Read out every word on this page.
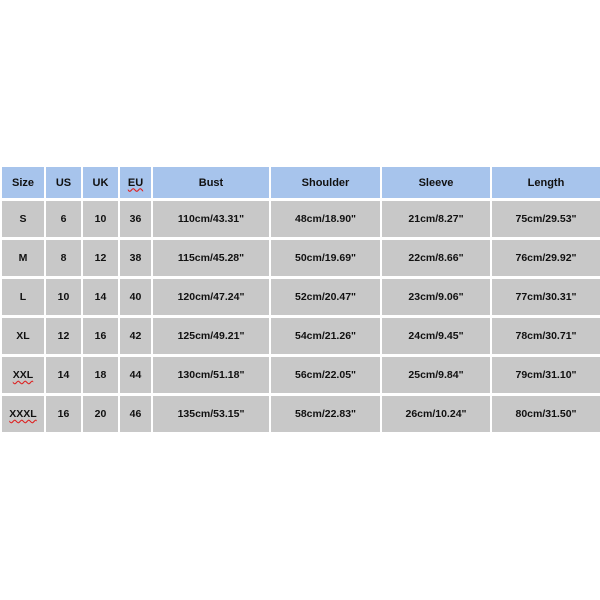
Size	US	UK	EU	Bust	Shoulder	Sleeve	Length
S	6	10	36	110cm/43.31"	48cm/18.90"	21cm/8.27"	75cm/29.53"
M	8	12	38	115cm/45.28"	50cm/19.69"	22cm/8.66"	76cm/29.92"
L	10	14	40	120cm/47.24"	52cm/20.47"	23cm/9.06"	77cm/30.31"
XL	12	16	42	125cm/49.21"	54cm/21.26"	24cm/9.45"	78cm/30.71"
XXL	14	18	44	130cm/51.18"	56cm/22.05"	25cm/9.84"	79cm/31.10"
XXXL	16	20	46	135cm/53.15"	58cm/22.83"	26cm/10.24"	80cm/31.50"
